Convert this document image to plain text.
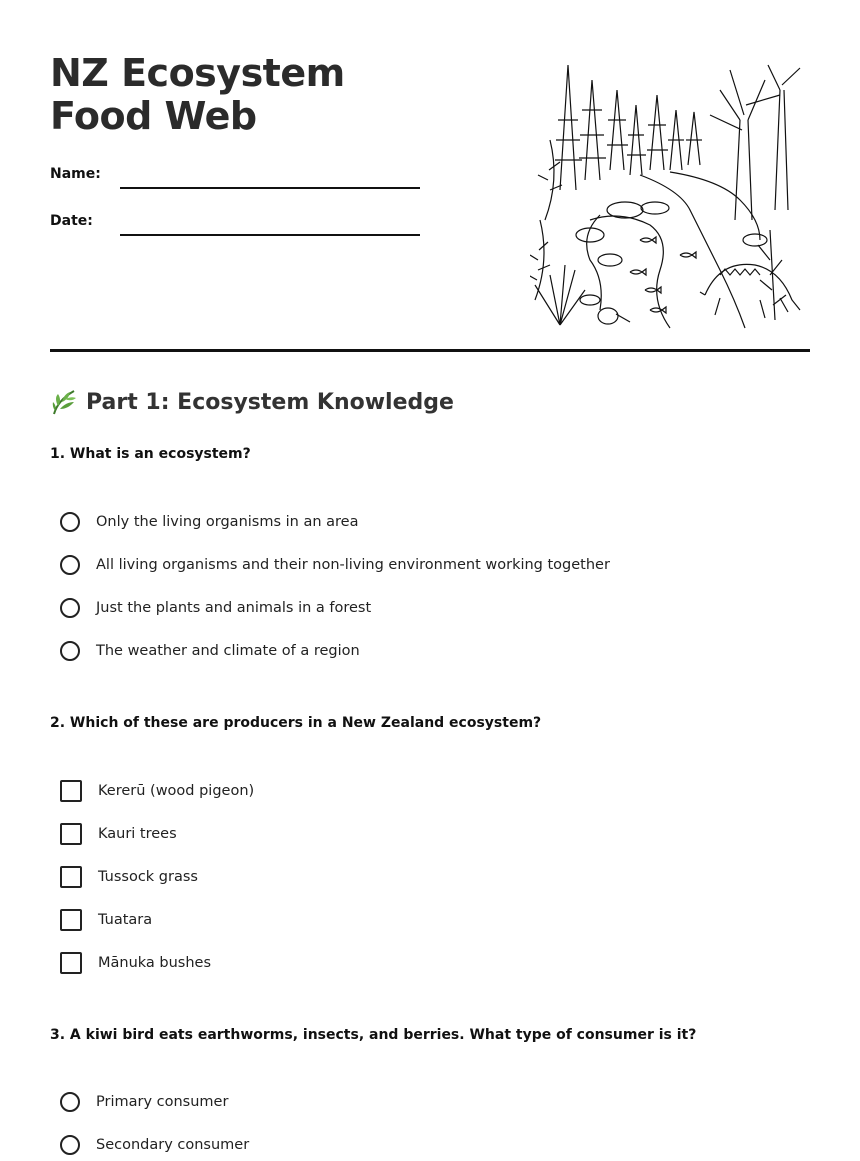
NZ Ecosystem Food Web
Name:
Date:
Part 1: Ecosystem Knowledge

1. What is an ecosystem?

Only the living organisms in an area
All living organisms and their non-living environment working together
Just the plants and animals in a forest
The weather and climate of a region

2. Which of these are producers in a New Zealand ecosystem?

Kererū (wood pigeon)
Kauri trees
Tussock grass
Tuatara
Mānuka bushes

3. A kiwi bird eats earthworms, insects, and berries. What type of consumer is it?

Primary consumer
Secondary consumer
